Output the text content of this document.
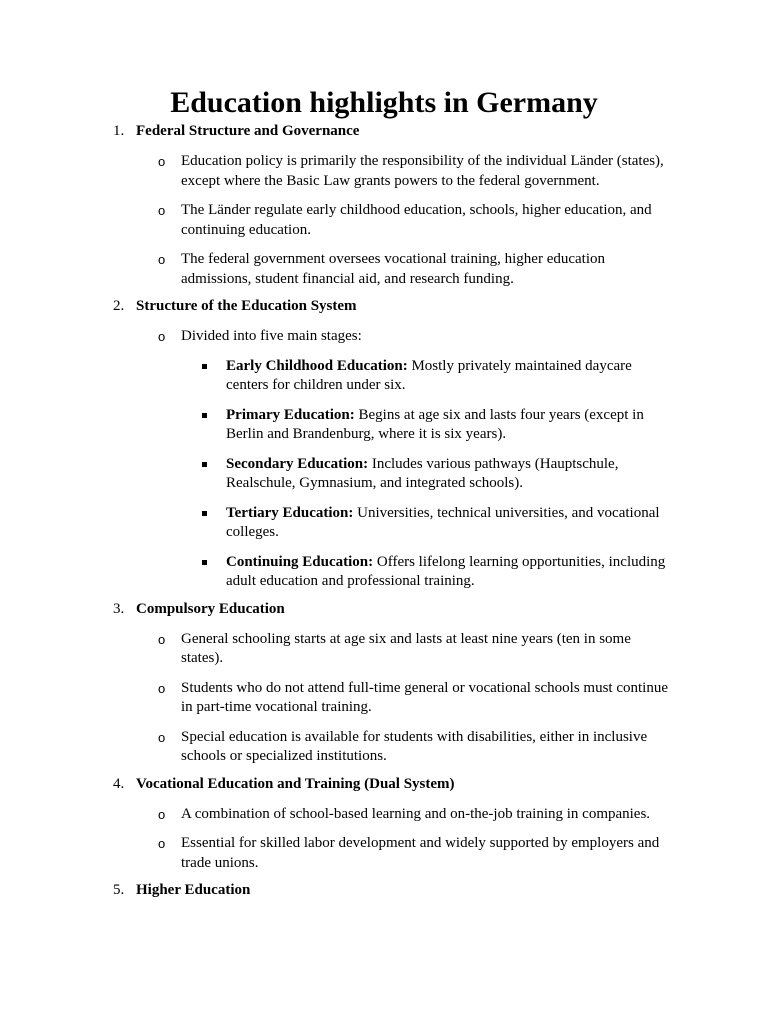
Education highlights in Germany
1. Federal Structure and Governance
o Education policy is primarily the responsibility of the individual Länder (states), except where the Basic Law grants powers to the federal government.
o The Länder regulate early childhood education, schools, higher education, and continuing education.
o The federal government oversees vocational training, higher education admissions, student financial aid, and research funding.
2. Structure of the Education System
o Divided into five main stages:
Early Childhood Education: Mostly privately maintained daycare centers for children under six.
Primary Education: Begins at age six and lasts four years (except in Berlin and Brandenburg, where it is six years).
Secondary Education: Includes various pathways (Hauptschule, Realschule, Gymnasium, and integrated schools).
Tertiary Education: Universities, technical universities, and vocational colleges.
Continuing Education: Offers lifelong learning opportunities, including adult education and professional training.
3. Compulsory Education
o General schooling starts at age six and lasts at least nine years (ten in some states).
o Students who do not attend full-time general or vocational schools must continue in part-time vocational training.
o Special education is available for students with disabilities, either in inclusive schools or specialized institutions.
4. Vocational Education and Training (Dual System)
o A combination of school-based learning and on-the-job training in companies.
o Essential for skilled labor development and widely supported by employers and trade unions.
5. Higher Education
